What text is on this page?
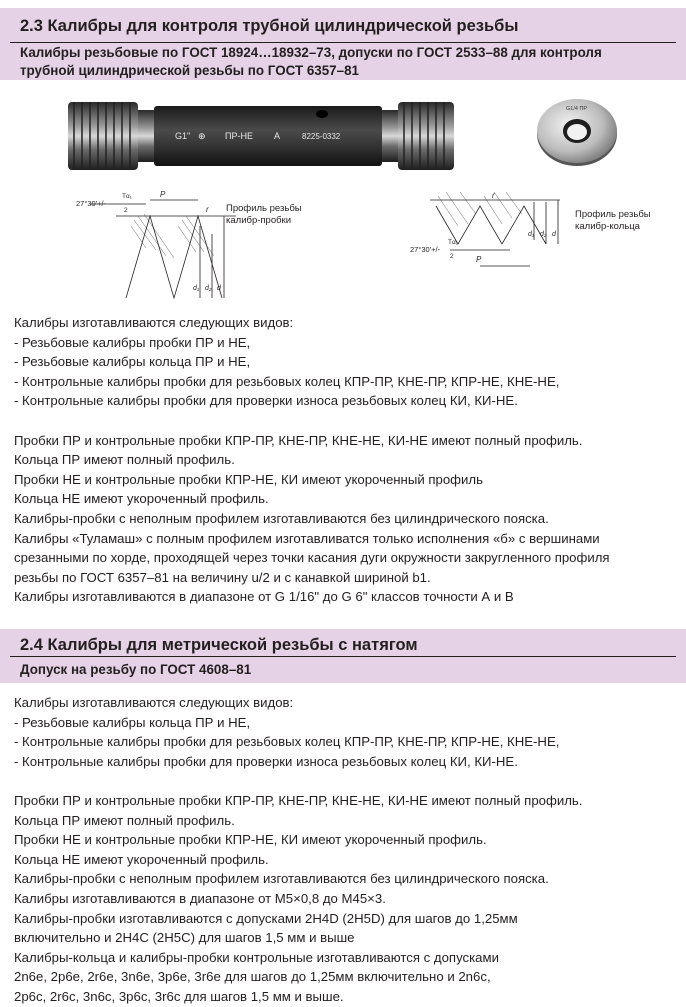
2.3 Калибры для контроля трубной цилиндрической резьбы
Калибры резьбовые по ГОСТ 18924…18932–73, допуски по ГОСТ 2533–88 для контроля
трубной цилиндрической резьбы по ГОСТ 6357–81
G1" ⊕ ПР-НЕ А	8225-0332
G1/4 ПР
27°30'+/-
Tα₁
2
P
r
d₁ d₂ d
Профиль резьбы
калибр-пробки
27°30'+/-
Tα₁
2	P
r
d₁ d₂ d
Профиль резьбы
калибр-кольца
Калибры изготавливаются следующих видов:
- Резьбовые калибры пробки ПР и НЕ,
- Резьбовые калибры кольца ПР и НЕ,
- Контрольные калибры пробки для резьбовых колец КПР-ПР, КНЕ-ПР, КПР-НЕ, КНЕ-НЕ,
- Контрольные калибры пробки для проверки износа резьбовых колец КИ, КИ-НЕ.
Пробки ПР и контрольные пробки КПР-ПР, КНЕ-ПР, КНЕ-НЕ, КИ-НЕ имеют полный профиль.
Кольца ПР имеют полный профиль.
Пробки НЕ и контрольные пробки КПР-НЕ, КИ имеют укороченный профиль
Кольца НЕ имеют укороченный профиль.
Калибры-пробки с неполным профилем изготавливаются без цилиндрического пояска.
Калибры «Туламаш» с полным профилем изготавливатся только исполнения «б» с вершинами
срезанными по хорде, проходящей через точки касания дуги окружности закругленного профиля
резьбы по ГОСТ 6357–81 на величину u/2 и с канавкой шириной b1.
Калибры изготавливаются в диапазоне от G 1/16" до G 6" классов точности А и В
2.4 Калибры для метрической резьбы с натягом
Допуск на резьбу по ГОСТ 4608–81
Калибры изготавливаются следующих видов:
- Резьбовые калибры кольца ПР и НЕ,
- Контрольные калибры пробки для резьбовых колец КПР-ПР, КНЕ-ПР, КПР-НЕ, КНЕ-НЕ,
- Контрольные калибры пробки для проверки износа резьбовых колец КИ, КИ-НЕ.
Пробки ПР и контрольные пробки КПР-ПР, КНЕ-ПР, КНЕ-НЕ, КИ-НЕ имеют полный профиль.
Кольца ПР имеют полный профиль.
Пробки НЕ и контрольные пробки КПР-НЕ, КИ имеют укороченный профиль.
Кольца НЕ имеют укороченный профиль.
Калибры-пробки с неполным профилем изготавливаются без цилиндрического пояска.
Калибры изготавливаются в диапазоне от М5×0,8 до М45×3.
Калибры-пробки изготавливаются с допусками 2Н4D (2Н5D) для шагов до 1,25мм
включительно и 2Н4С (2Н5С) для шагов 1,5 мм и выше
Калибры-кольца и калибры-пробки контрольные изготавливаются с допусками
2n6e, 2p6e, 2r6e, 3n6e, 3p6e, 3r6e для шагов до 1,25мм включительно и 2n6c,
2p6c, 2r6c, 3n6c, 3p6c, 3r6c для шагов 1,5 мм и выше.
